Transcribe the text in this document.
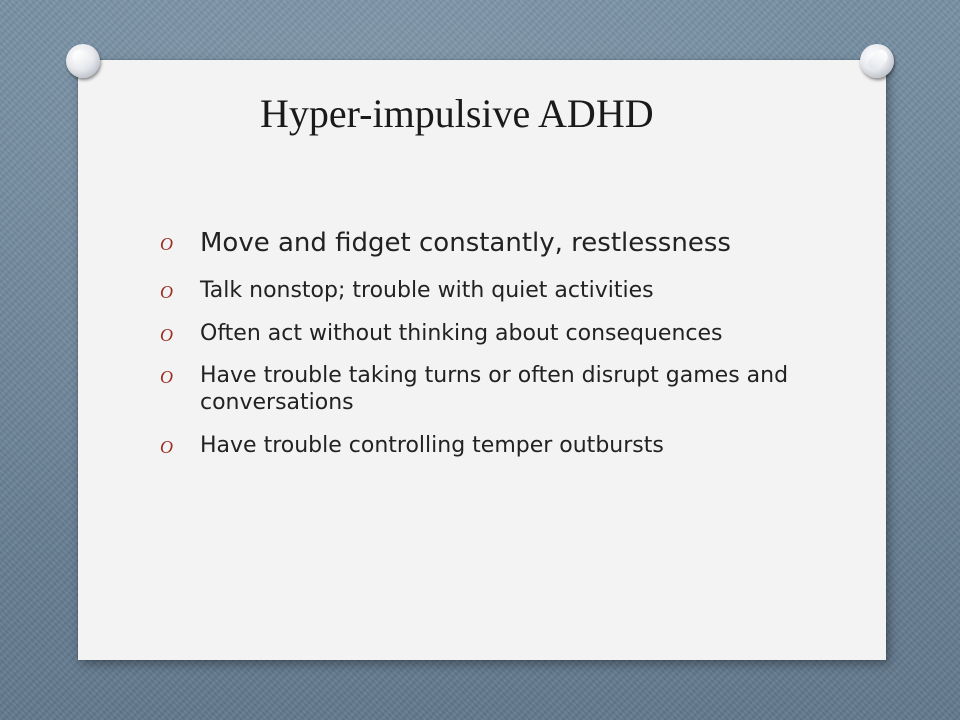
Hyper-impulsive ADHD
O	Move and fidget constantly, restlessness
O	Talk nonstop; trouble with quiet activities
O	Often act without thinking about consequences
O	Have trouble taking turns or often disrupt games and conversations
O	Have trouble controlling temper outbursts
